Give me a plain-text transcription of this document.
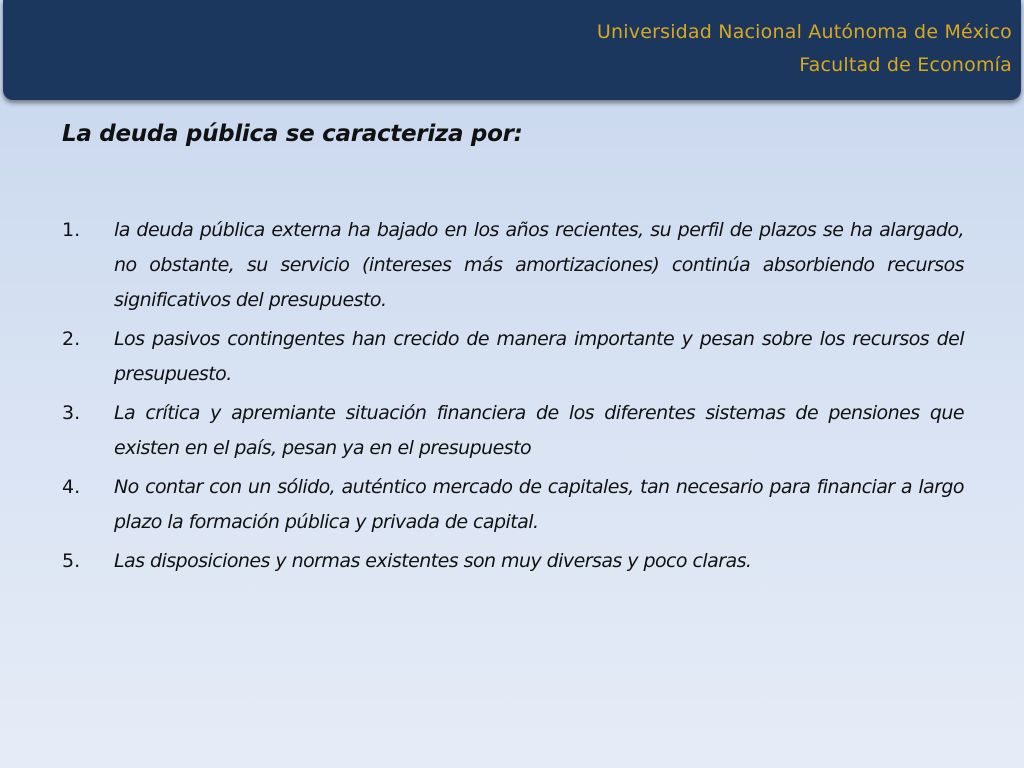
Universidad Nacional Autónoma de México
Facultad de Economía
La deuda pública se caracteriza por:
1.	la deuda pública externa ha bajado en los años recientes, su perfil de plazos se ha alargado, no obstante, su servicio (intereses más amortizaciones) continúa absorbiendo recursos significativos del presupuesto.
2.	Los pasivos contingentes han crecido de manera importante y pesan sobre los recursos del presupuesto.
3.	La crítica y apremiante situación financiera de los diferentes sistemas de pensiones que existen en el país, pesan ya en el presupuesto
4.	No contar con un sólido, auténtico mercado de capitales, tan necesario para financiar a largo plazo la formación pública y privada de capital.
5.	Las disposiciones y normas existentes son muy diversas y poco claras.
